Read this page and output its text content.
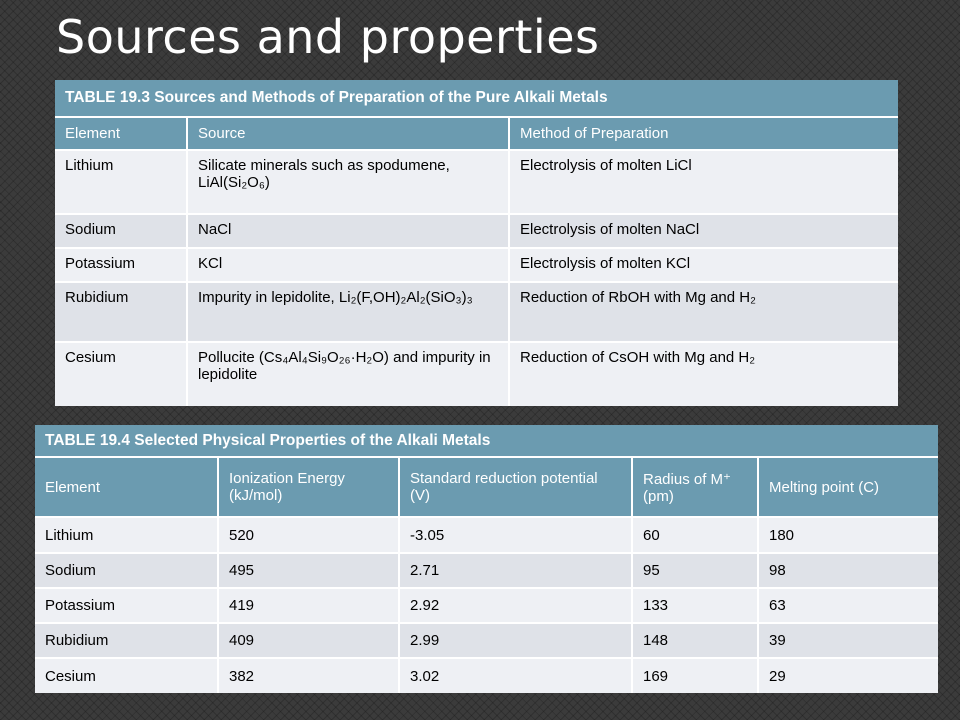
Sources and properties
TABLE 19.3 Sources and Methods of Preparation of the Pure Alkali Metals		
Element	Source	Method of Preparation
Lithium	Silicate minerals such as spodumene, LiAl(Si₂O₆)	Electrolysis of molten LiCl
Sodium	NaCl	Electrolysis of molten NaCl
Potassium	KCl	Electrolysis of molten KCl
Rubidium	Impurity in lepidolite, Li₂(F,OH)₂Al₂(SiO₃)₃	Reduction of RbOH with Mg and H₂
Cesium	Pollucite (Cs₄Al₄Si₉O₂₆·H₂O) and impurity in lepidolite	Reduction of CsOH with Mg and H₂
TABLE 19.4 Selected Physical Properties of the Alkali Metals				
Element	Ionization Energy (kJ/mol)	Standard reduction potential (V)	Radius of M⁺ (pm)	Melting point (C)
Lithium	520	-3.05	60	180
Sodium	495	2.71	95	98
Potassium	419	2.92	133	63
Rubidium	409	2.99	148	39
Cesium	382	3.02	169	29
